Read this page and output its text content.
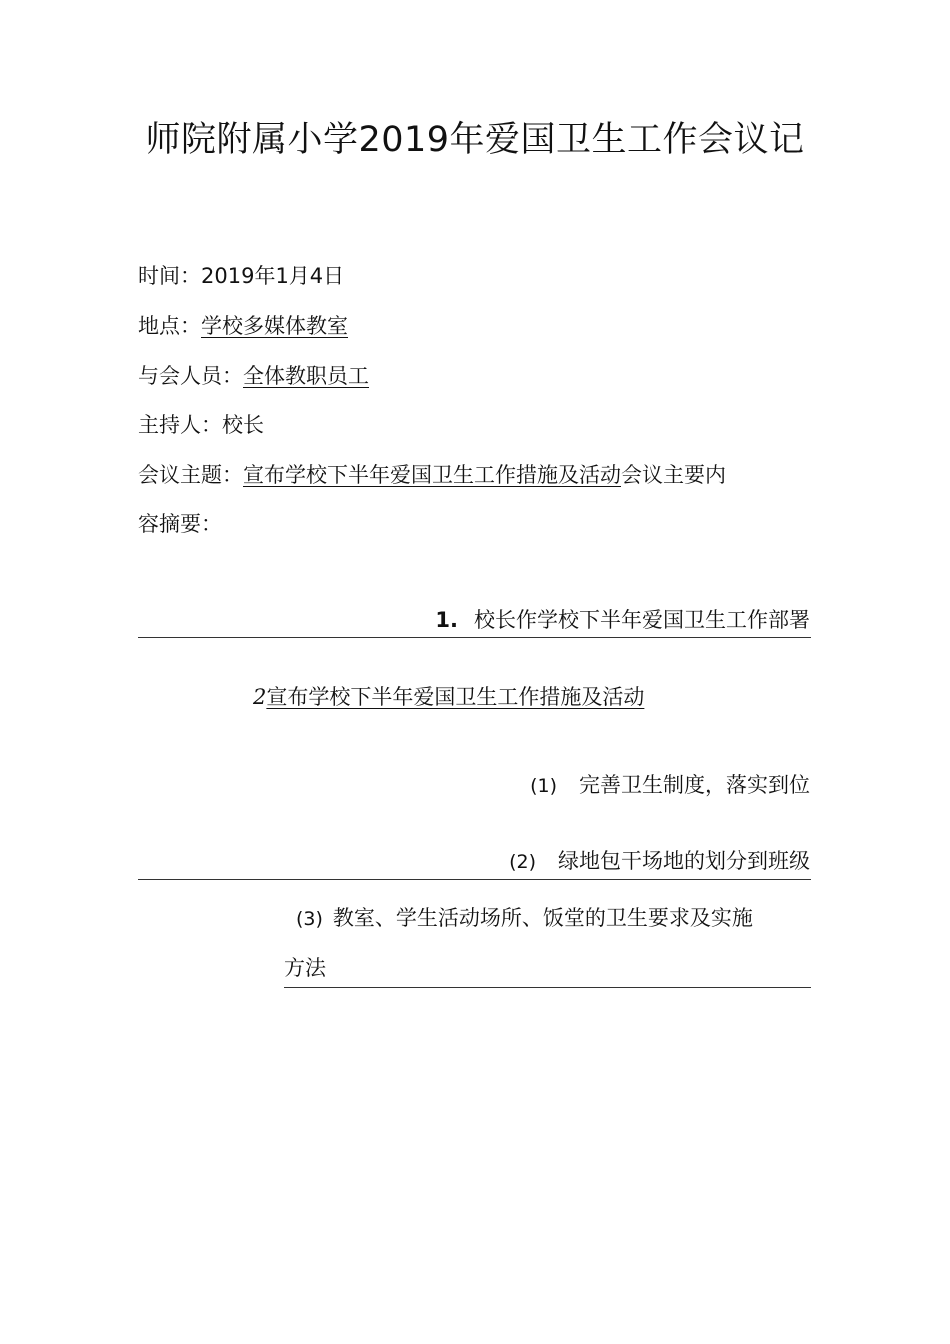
师院附属小学2019年爱国卫生工作会议记
时间：2019年1月4日
地点：学校多媒体教室
与会人员：全体教职员工
主持人：校长
会议主题：宣布学校下半年爱国卫生工作措施及活动会议主要内
容摘要：
1. 校长作学校下半年爱国卫生工作部署
2宣布学校下半年爱国卫生工作措施及活动
(1) 完善卫生制度，落实到位
(2) 绿地包干场地的划分到班级
(3) 教室、学生活动场所、饭堂的卫生要求及实施
方法
